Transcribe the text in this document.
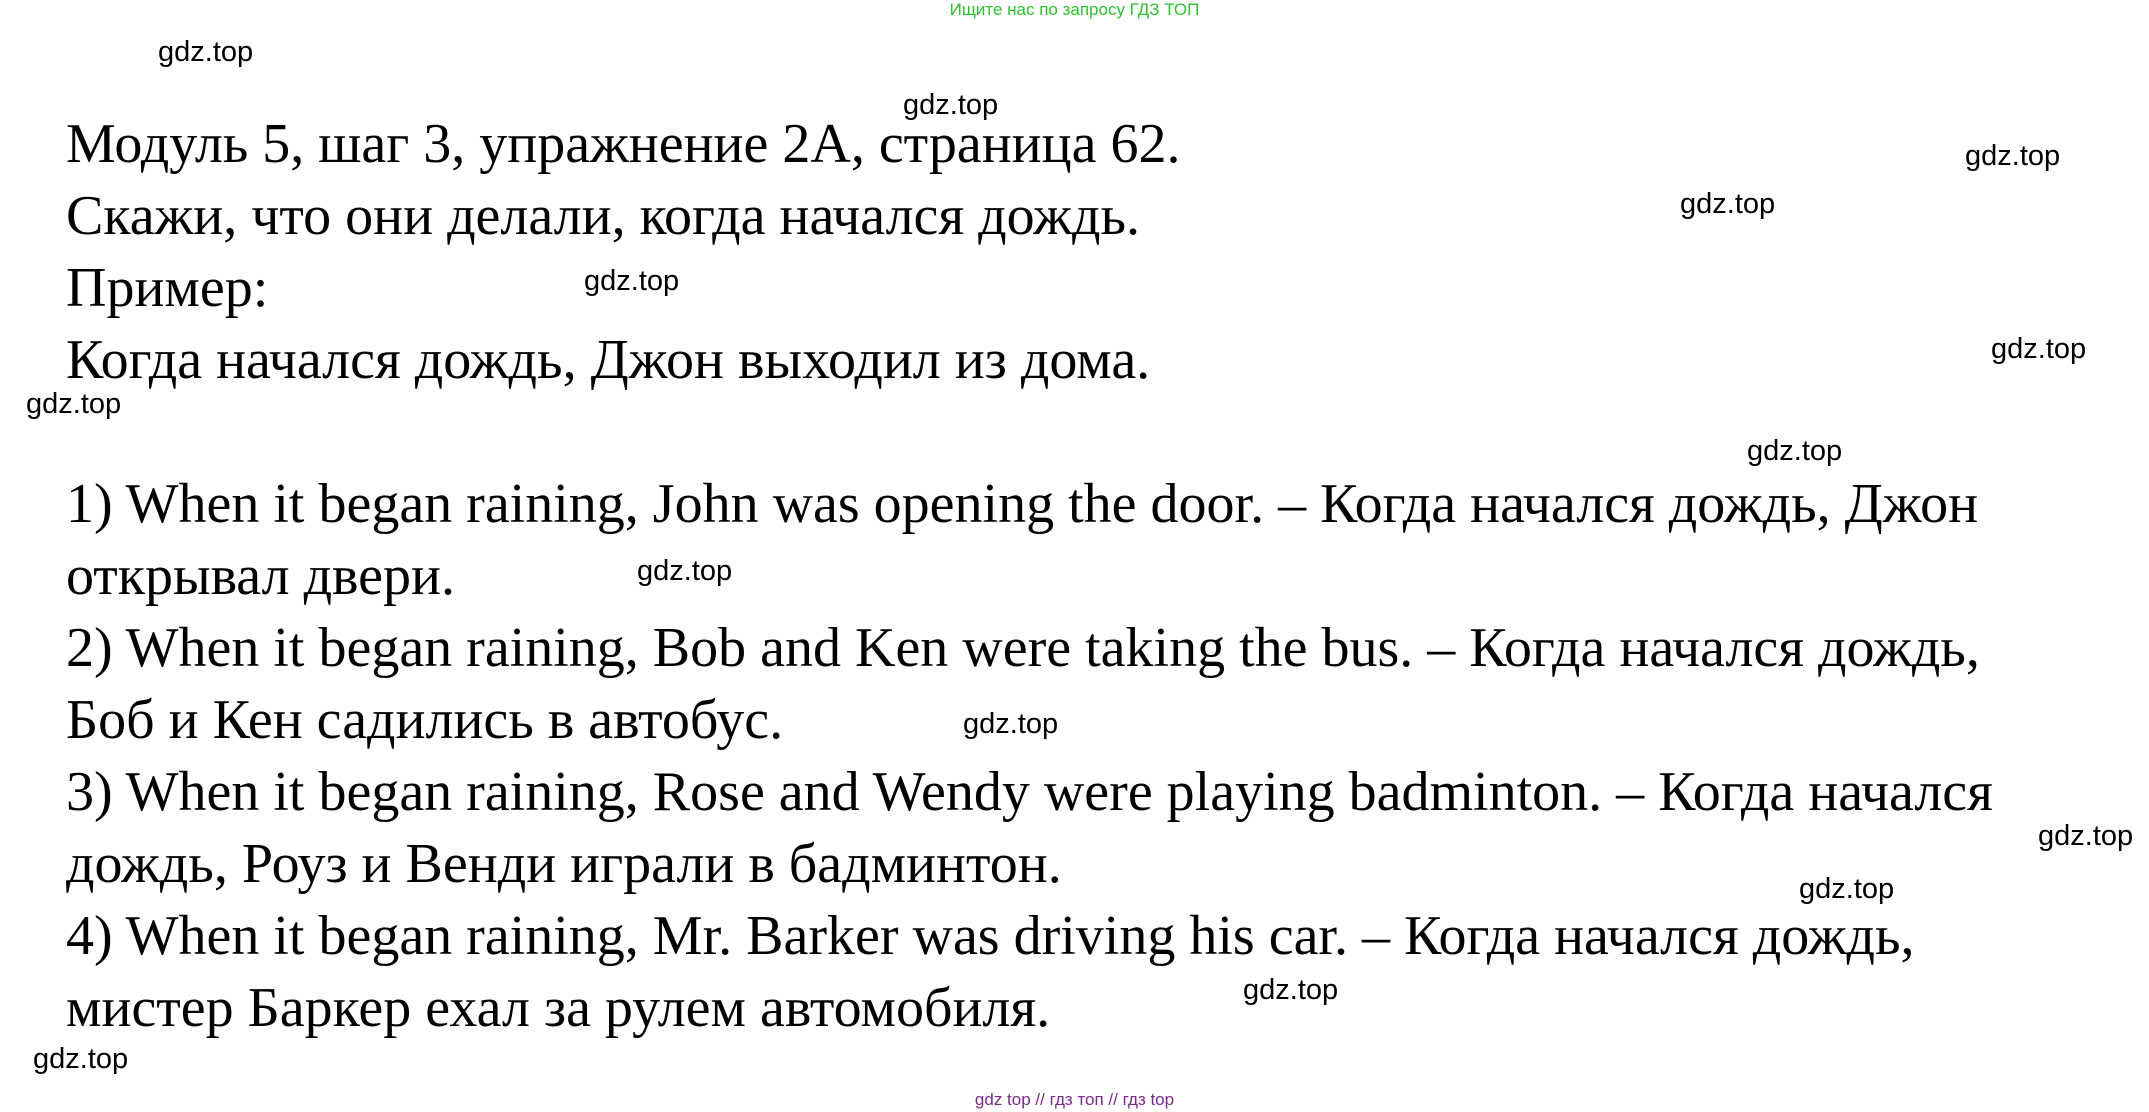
Ищите нас по запросу ГДЗ ТОП

Модуль 5, шаг 3, упражнение 2А, страница 62.

Скажи, что они делали, когда начался дождь.

Пример:

Когда начался дождь, Джон выходил из дома.

1) When it began raining, John was opening the door. – Когда начался дождь, Джон

открывал двери.

2) When it began raining, Bob and Ken were taking the bus. – Когда начался дождь,

Боб и Кен садились в автобус.

3) When it began raining, Rose and Wendy were playing badminton. – Когда начался

дождь, Роуз и Венди играли в бадминтон.

4) When it began raining, Mr. Barker was driving his car. – Когда начался дождь,

мистер Баркер ехал за рулем автомобиля.

gdz.top
gdz.top
gdz.top
gdz.top
gdz.top
gdz.top
gdz.top
gdz.top
gdz.top
gdz.top
gdz.top
gdz.top
gdz.top
gdz.top
gdz top // гдз топ // гдз top
